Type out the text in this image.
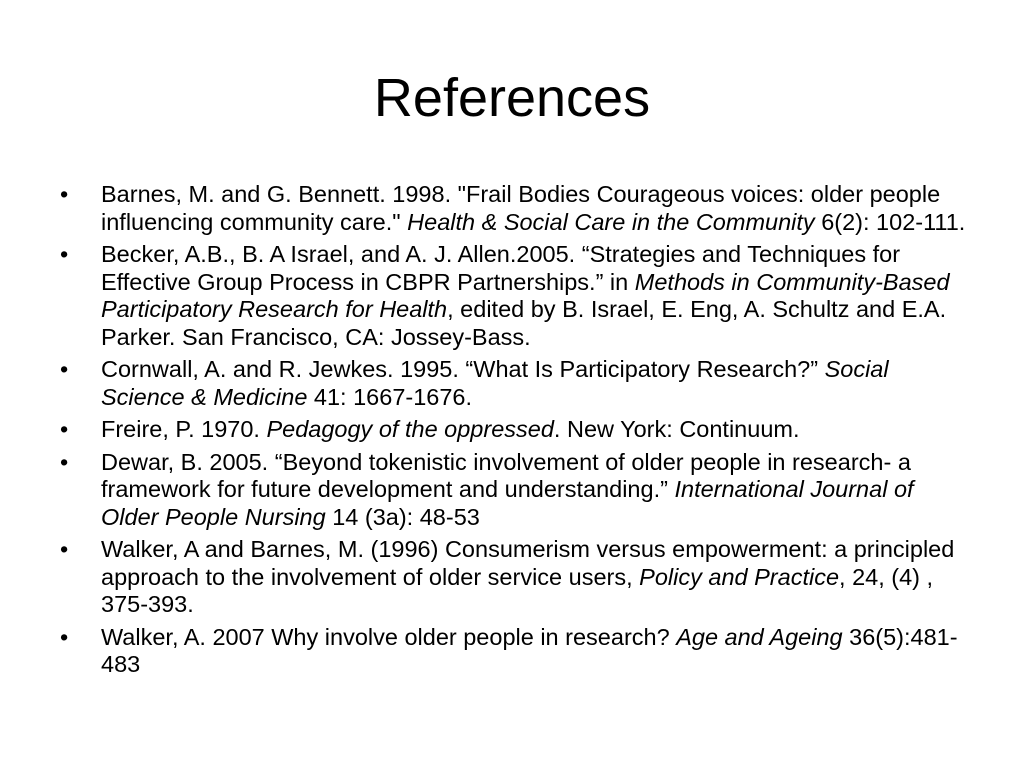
References
•	Barnes, M. and G. Bennett. 1998. "Frail Bodies Courageous voices: older people influencing community care." Health & Social Care in the Community 6(2): 102-111.
•	Becker, A.B., B. A Israel, and A. J. Allen.2005. “Strategies and Techniques for Effective Group Process in CBPR Partnerships.” in Methods in Community-Based Participatory Research for Health, edited by B. Israel, E. Eng, A. Schultz and E.A. Parker. San Francisco, CA: Jossey-Bass.
•	Cornwall, A. and R. Jewkes. 1995. “What Is Participatory Research?” Social Science & Medicine 41: 1667-1676.
•	Freire, P. 1970. Pedagogy of the oppressed. New York: Continuum.
•	Dewar, B. 2005. “Beyond tokenistic involvement of older people in research- a framework for future development and understanding.” International Journal of Older People Nursing 14 (3a): 48-53
•	Walker, A and Barnes, M. (1996) Consumerism versus empowerment: a principled approach to the involvement of older service users, Policy and Practice, 24, (4) , 375-393.
•	Walker, A. 2007 Why involve older people in research? Age and Ageing 36(5):481-483
